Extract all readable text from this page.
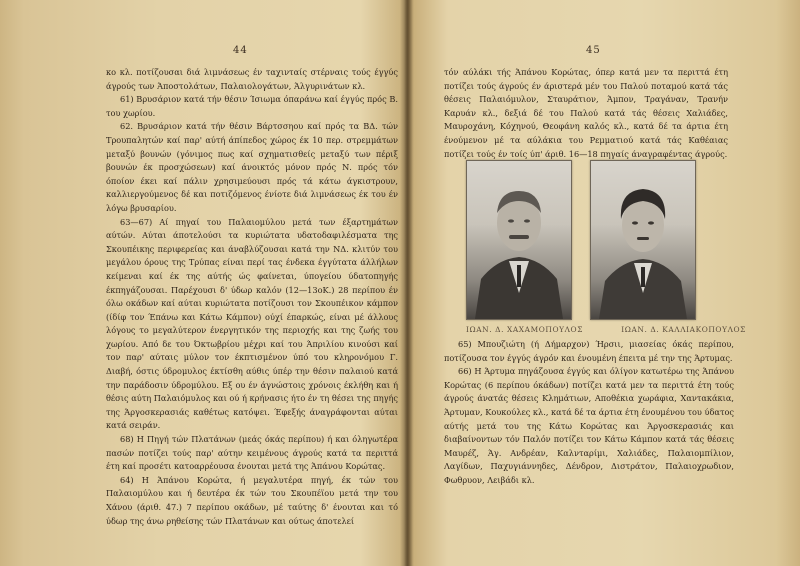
44

κο κλ. ποτίζουσαι διά λιμνάσεως έν ταχινταίς στέρναις τούς έγγύς άγρούς των Άποστολάτων, Παλαιολογάτων, Άλγυρινάτων κλ.

61) Βρυσάριον κατά τήν θέσιν Ίσιωμα όπαράνω καί έγγύς πρός Β. του χωρίου.

62. Βρυσάριον κατά τήν θέσιν Βάρτσσηου καί πρός τα ΒΔ. τών Τρουπαλητών καί παρ' αύτή άπίπεδος χώρος έκ 10 περ. στρεμμάτων μεταξύ βουνών (γόνιμος πως καί σχηματισθείς μεταξύ των πέριξ βουνών έκ προσχώσεων) καί άνοικτός μόνον πρός Ν. πρός τόν όποίον έκει καί πάλιν χρησιμεύουσι πρός τά κάτω άγκιστρουν, καλλιεργούμενος δέ και ποτιζόμενος ένίοτε διά λιμνάσεως έκ του έν λόγω βρυσαρίου.

63—67) Αί πηγαί του Παλαιομύλου μετά των έξαρτημάτων αύτών. Αύται άποτελούσι τα κυριώτατα υδατοδαφιλέσματα της Σκουπέικης περιφερείας και άναβλύζουσαι κατά την ΝΔ. κλιτύν του μεγάλου όρους της Τρύπας είναι περί τας ένδεκα έγγύτατα άλλήλων κείμεναι καί έκ της αύτής ώς φαίνεται, ύπογείου ύδατοπηγής έκπηγάζουσαι. Παρέχουσι δ' ύδωρ καλόν (12—13οΚ.) 28 περίπου έν όλω οκάδων καί αύται κυριώτατα ποτίζουσι τον Σκουπέικον κάμπον (ίδίφ τον Έπάνω και Κάτω Κάμπον) ούχί έπαρκώς, είναι μέ άλλους λόγους το μεγαλύτερον ένεργητικόν της περιοχής και της ζωής του χωρίου. Από δε του Όκτωβρίου μέχρι καί του Άπριλίου κινούσι καί τον παρ' αύταις μύλον τον έκπτισμένον ύπό του κληρονόμου Γ. Διαβή, όστις ύδρομυλος έκτίσθη αύθις ύπέρ την θέσιν παλαιού κατά την παράδοσιν ύδρομύλου. Εξ ου έν άγνώστοις χρόνοις έκλήθη και ή θέσις αύτη Παλαιόμυλος και ού ή κρήνασις ήτο έν τη θέσει της πηγής της Άργοσκερασιάς καθέτως κατόψει. Έφεξής άναγράφονται αύται κατά σειράν.

68) Η Πηγή τών Πλατάνων (μεάς όκάς περίπου) ή και όληγωτέρα πασών ποτίζει τούς παρ' αύτην κειμένους άγρούς κατά τα περιττά έτη καί προσέτι κατοαρρέουσα ένουται μετά της Άπάνου Κορώτας.

64) Η Άπάνου Κορώτα, ή μεγαλυτέρα πηγή, έκ τών του Παλαιομύλου και ή δευτέρα έκ τών του Σκουπέϊου μετά την του Χάνου (άριθ. 47.) 7 περίπου οκάδων, μέ ταύτης δ' ένουται και τό ύδωρ της άνω ρηθείσης τών Πλατάνων και ούτως άποτελεί

45

τόν αύλάκι τής Άπάνου Κορώτας, όπερ κατά μεν τα περιττά έτη ποτίζει τούς άγρούς έν άριστερά μέν του Παλού ποταμού κατά τάς θέσεις Παλαιόμυλον, Σταυράτιον, Άμπον, Τραγάναν, Τρανήν Καρυάν κλ., δεξιά δέ του Παλού κατά τάς θέσεις Χαλιάδες, Μαυροχάνη, Κόχηνού, Θεοφάνη καλός κλ., κατά δέ τα άρτια έτη ένούμενον μέ τα αύλάκια του Ρεμματιού κατά τάς Καθέαιας ποτίζει τούς έν τοίς ύπ' άριθ. 16—18 πηγαίς άναγραφέντας άγρούς.

ΙΩΑΝ. Δ. ΧΑΧΑΜΟΠΟΥΛΟΣ	ΙΩΑΝ. Δ. ΚΑΛΛΙΑΚΟΠΟΥΛΟΣ

65) Μπουζιώτη (ή Δήμαρχον) Ήρσιι, μιασείας όκάς περίπου, ποτίζουσα τον έγγύς άγρόν και ένουμένη έπειτα μέ την της Άρτυμας.

66) Η Άρτυμα πηγάζουσα έγγύς και όλίγον κατωτέρω της Άπάνου Κορώτας (6 περίπου όκάδων) ποτίζει κατά μεν τα περιττά έτη τούς άγρούς άνατάς θέσεις Κλημάτιων, Αποθέκια χωράφια, Χαντακάκια, Άρτυμαν, Κουκούλες κλ., κατά δέ τα άρτια έτη ένουμένου του ύδατος αύτής μετά του της Κάτω Κορώτας και Άργοσκερασιάς και διαβαίνοντων τόν Παλόν ποτίζει τον Κάτω Κάμπον κατά τάς θέσεις Μαυρέζ, Άγ. Ανδρέαν, Καλνταρίμι, Χαλιάδες, Παλαιομπίλιον, Λαγίδων, Παχυγιάννηδες, Δένδρον, Διστράτον, Παλαιοχρωδιον, Φωθρυον, Λειβάδι κλ.
